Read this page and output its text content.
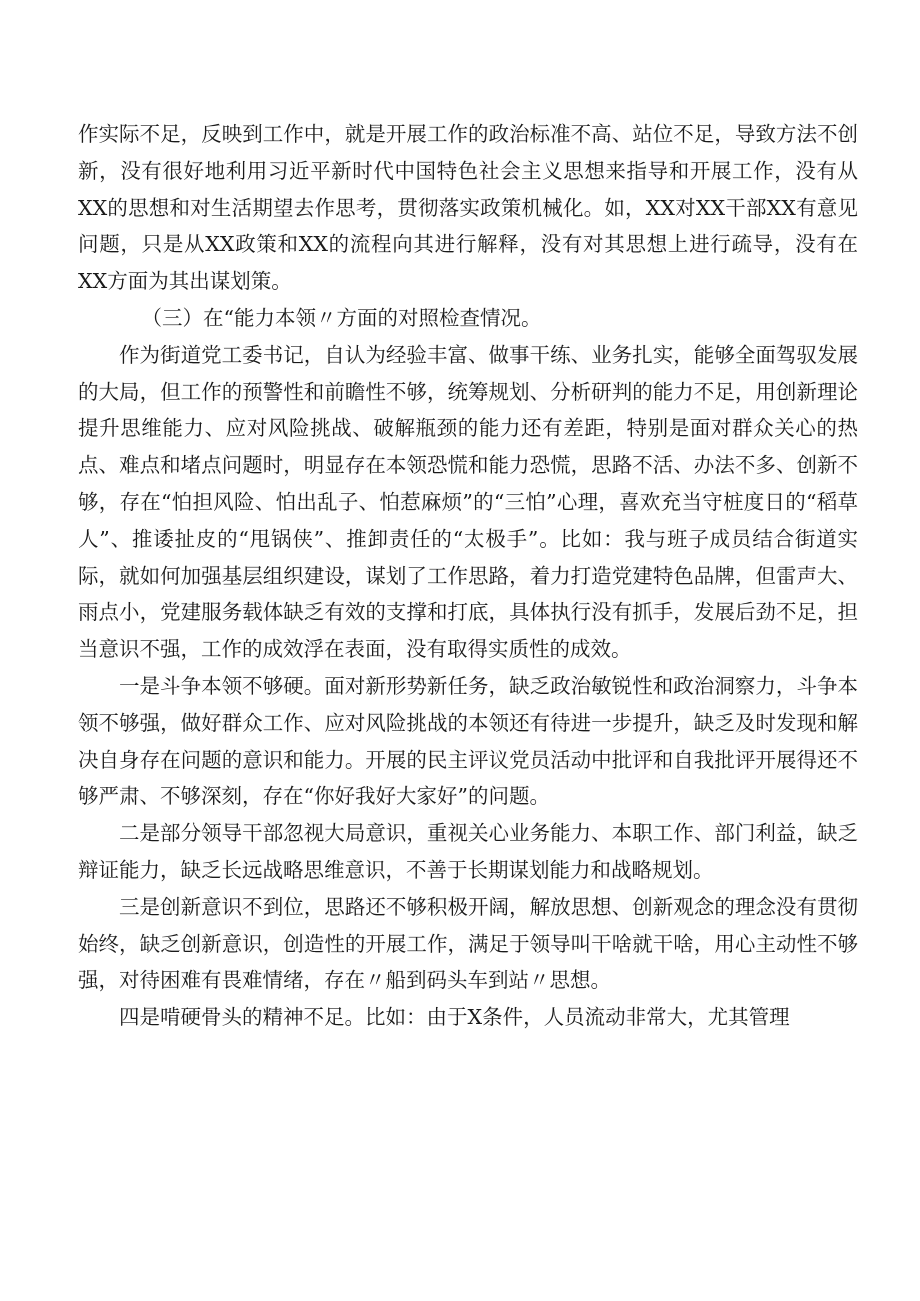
作实际不足，反映到工作中，就是开展工作的政治标准不高、站位不足，导致方法不创新，没有很好地利用习近平新时代中国特色社会主义思想来指导和开展工作，没有从XX的思想和对生活期望去作思考，贯彻落实政策机械化。如，XX对XX干部XX有意见问题，只是从XX政策和XX的流程向其进行解释，没有对其思想上进行疏导，没有在XX方面为其出谋划策。

（三）在“能力本领〃方面的对照检查情况。

作为街道党工委书记，自认为经验丰富、做事干练、业务扎实，能够全面驾驭发展的大局，但工作的预警性和前瞻性不够，统筹规划、分析研判的能力不足，用创新理论提升思维能力、应对风险挑战、破解瓶颈的能力还有差距，特别是面对群众关心的热点、难点和堵点问题时，明显存在本领恐慌和能力恐慌，思路不活、办法不多、创新不够，存在“怕担风险、怕出乱子、怕惹麻烦”的“三怕”心理，喜欢充当守桩度日的“稻草人”、推诿扯皮的“甩锅侠”、推卸责任的“太极手”。比如：我与班子成员结合街道实际，就如何加强基层组织建设，谋划了工作思路，着力打造党建特色品牌，但雷声大、雨点小，党建服务载体缺乏有效的支撑和打底，具体执行没有抓手，发展后劲不足，担当意识不强，工作的成效浮在表面，没有取得实质性的成效。

一是斗争本领不够硬。面对新形势新任务，缺乏政治敏锐性和政治洞察力，斗争本领不够强，做好群众工作、应对风险挑战的本领还有待进一步提升，缺乏及时发现和解决自身存在问题的意识和能力。开展的民主评议党员活动中批评和自我批评开展得还不够严肃、不够深刻，存在“你好我好大家好”的问题。

二是部分领导干部忽视大局意识，重视关心业务能力、本职工作、部门利益，缺乏辩证能力，缺乏长远战略思维意识，不善于长期谋划能力和战略规划。

三是创新意识不到位，思路还不够积极开阔，解放思想、创新观念的理念没有贯彻始终，缺乏创新意识，创造性的开展工作，满足于领导叫干啥就干啥，用心主动性不够强，对待困难有畏难情绪，存在〃船到码头车到站〃思想。

四是啃硬骨头的精神不足。比如：由于X条件，人员流动非常大，尤其管理
